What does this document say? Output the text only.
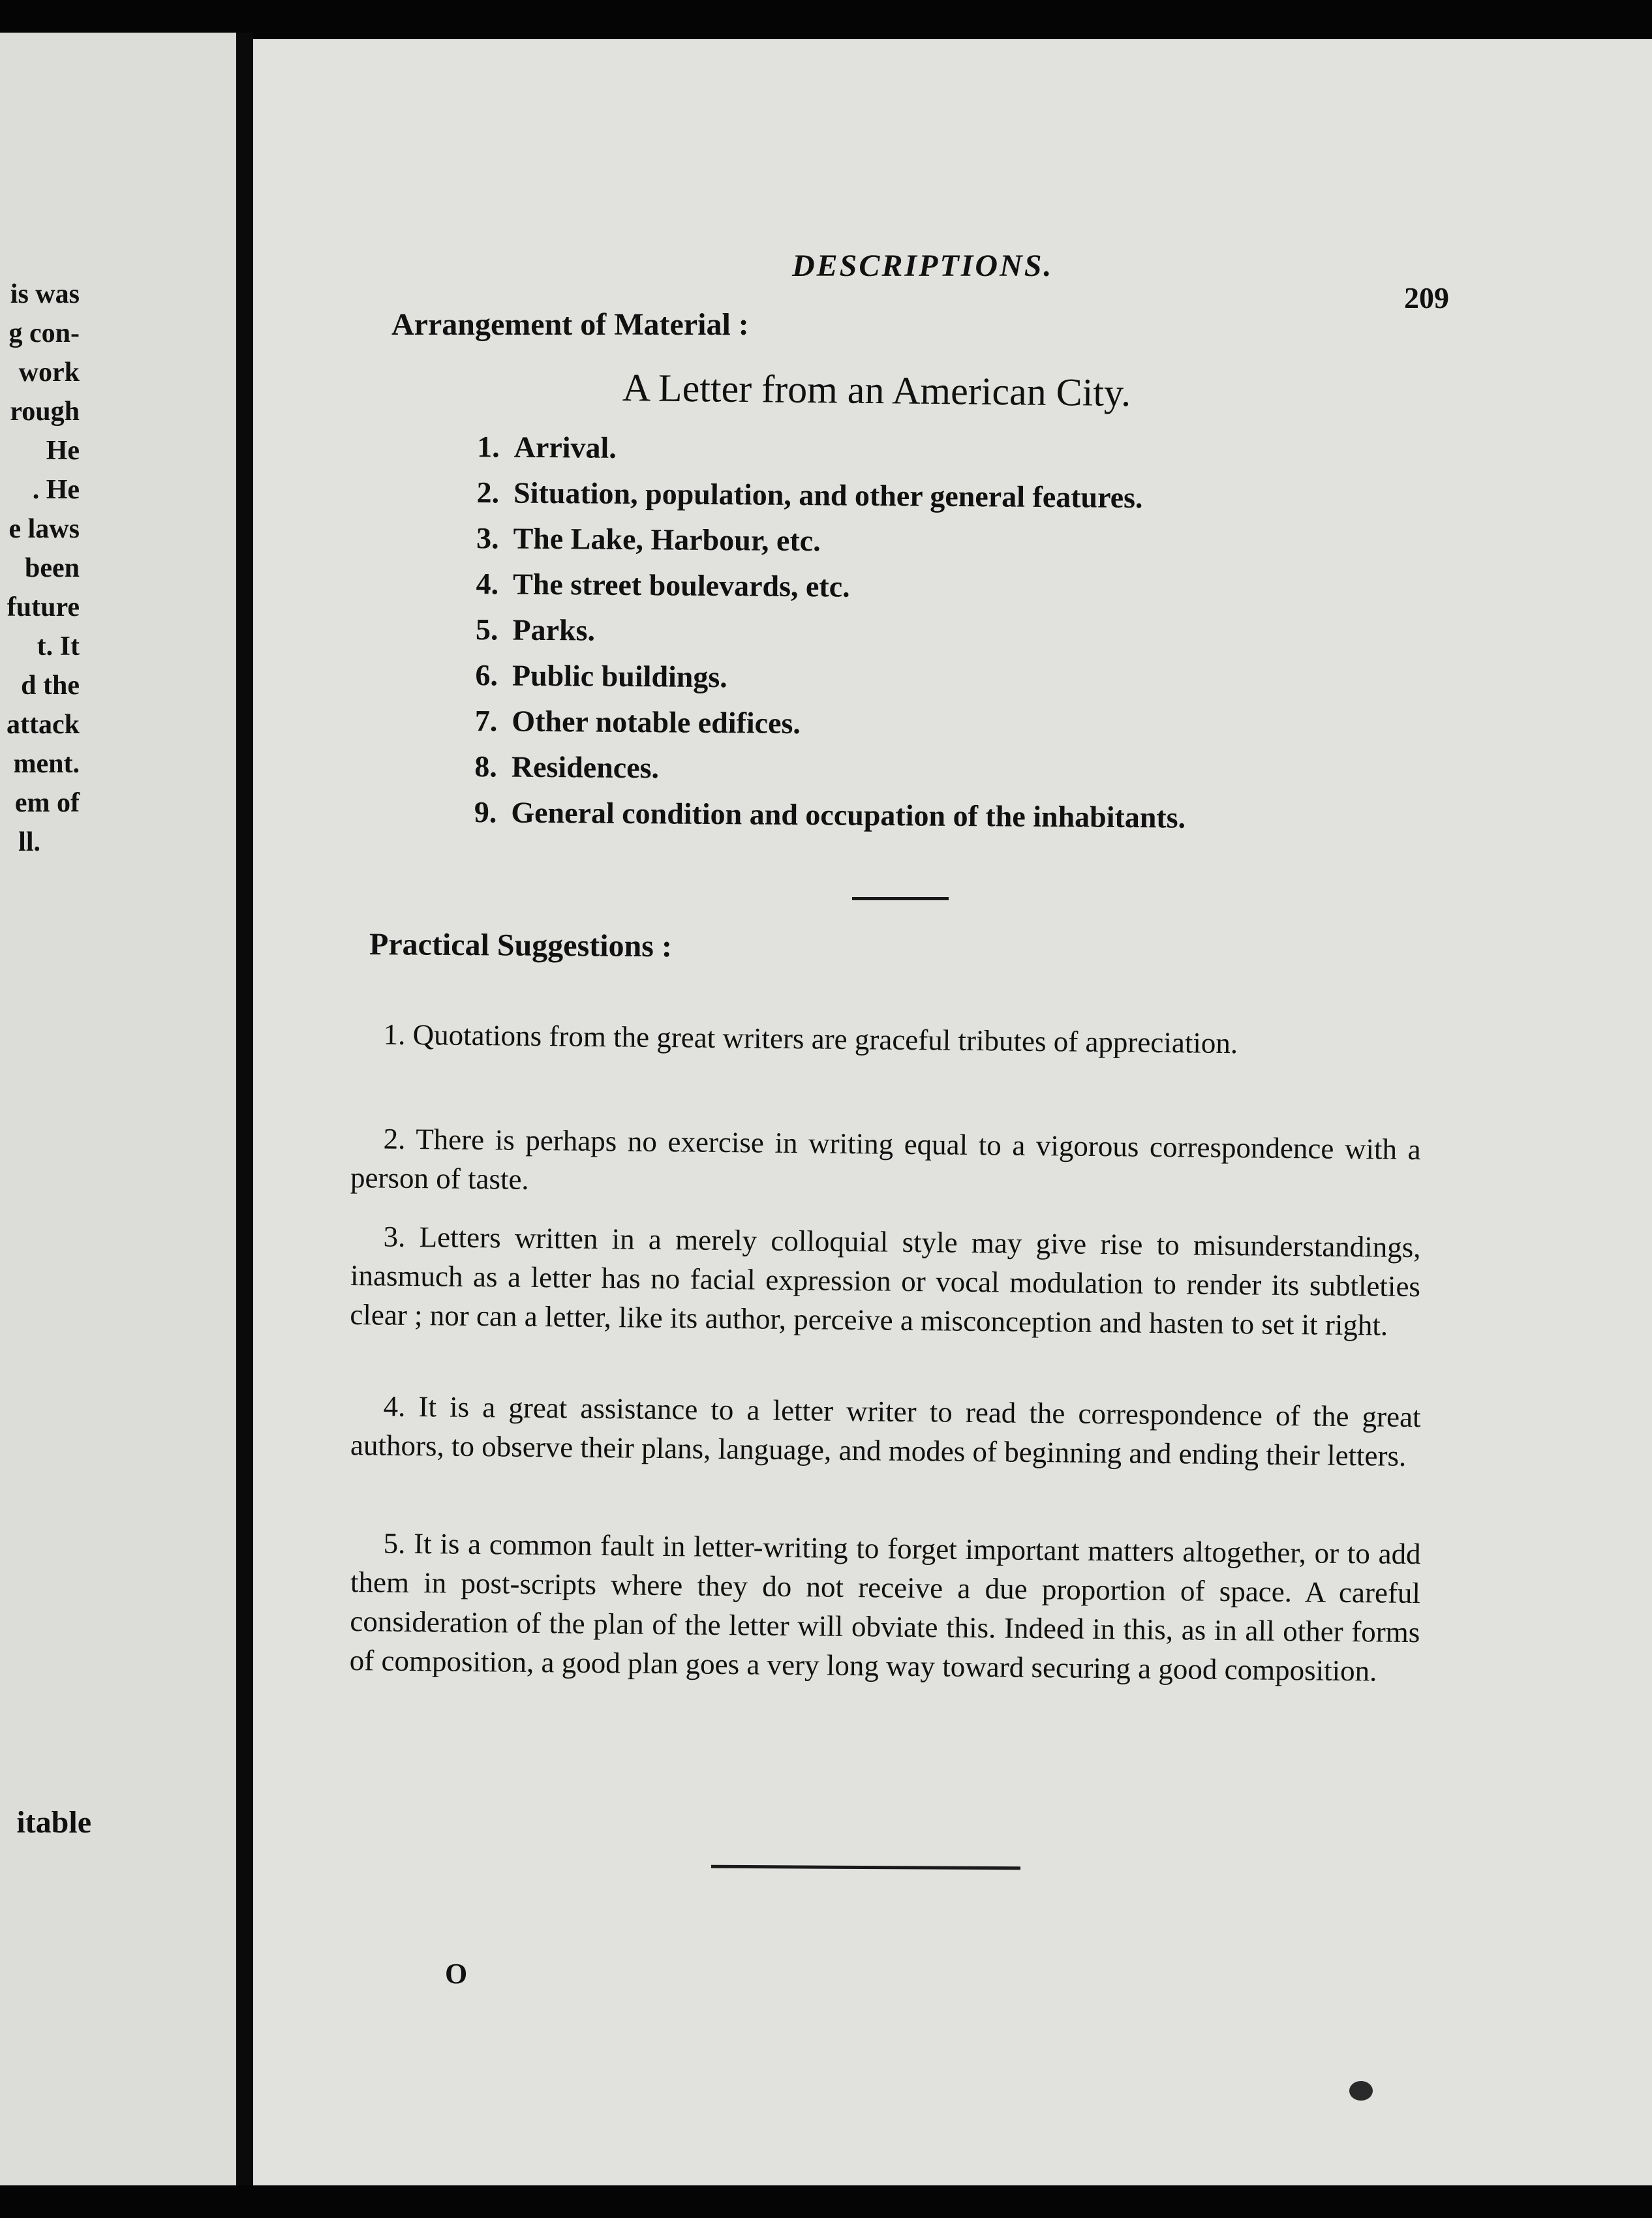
is was
g con-
work
rough
He
. He
e laws
been
future
t. It
d the
attack
ment.
em of
ll.
itable
DESCRIPTIONS.
209
Arrangement of Material :
A Letter from an American City.
1. Arrival.
2. Situation, population, and other general features.
3. The Lake, Harbour, etc.
4. The street boulevards, etc.
5. Parks.
6. Public buildings.
7. Other notable edifices.
8. Residences.
9. General condition and occupation of the inhabitants.
Practical Suggestions :

1. Quotations from the great writers are graceful tributes of appreciation.

2. There is perhaps no exercise in writing equal to a vigorous correspondence with a person of taste.

3. Letters written in a merely colloquial style may give rise to misunderstandings, inasmuch as a letter has no facial expression or vocal modulation to render its subtleties clear ; nor can a letter, like its author, perceive a misconception and hasten to set it right.

4. It is a great assistance to a letter writer to read the correspondence of the great authors, to observe their plans, language, and modes of beginning and ending their letters.

5. It is a common fault in letter-writing to forget important matters altogether, or to add them in post-scripts where they do not receive a due proportion of space. A careful consideration of the plan of the letter will obviate this. Indeed in this, as in all other forms of composition, a good plan goes a very long way toward securing a good composition.

O
